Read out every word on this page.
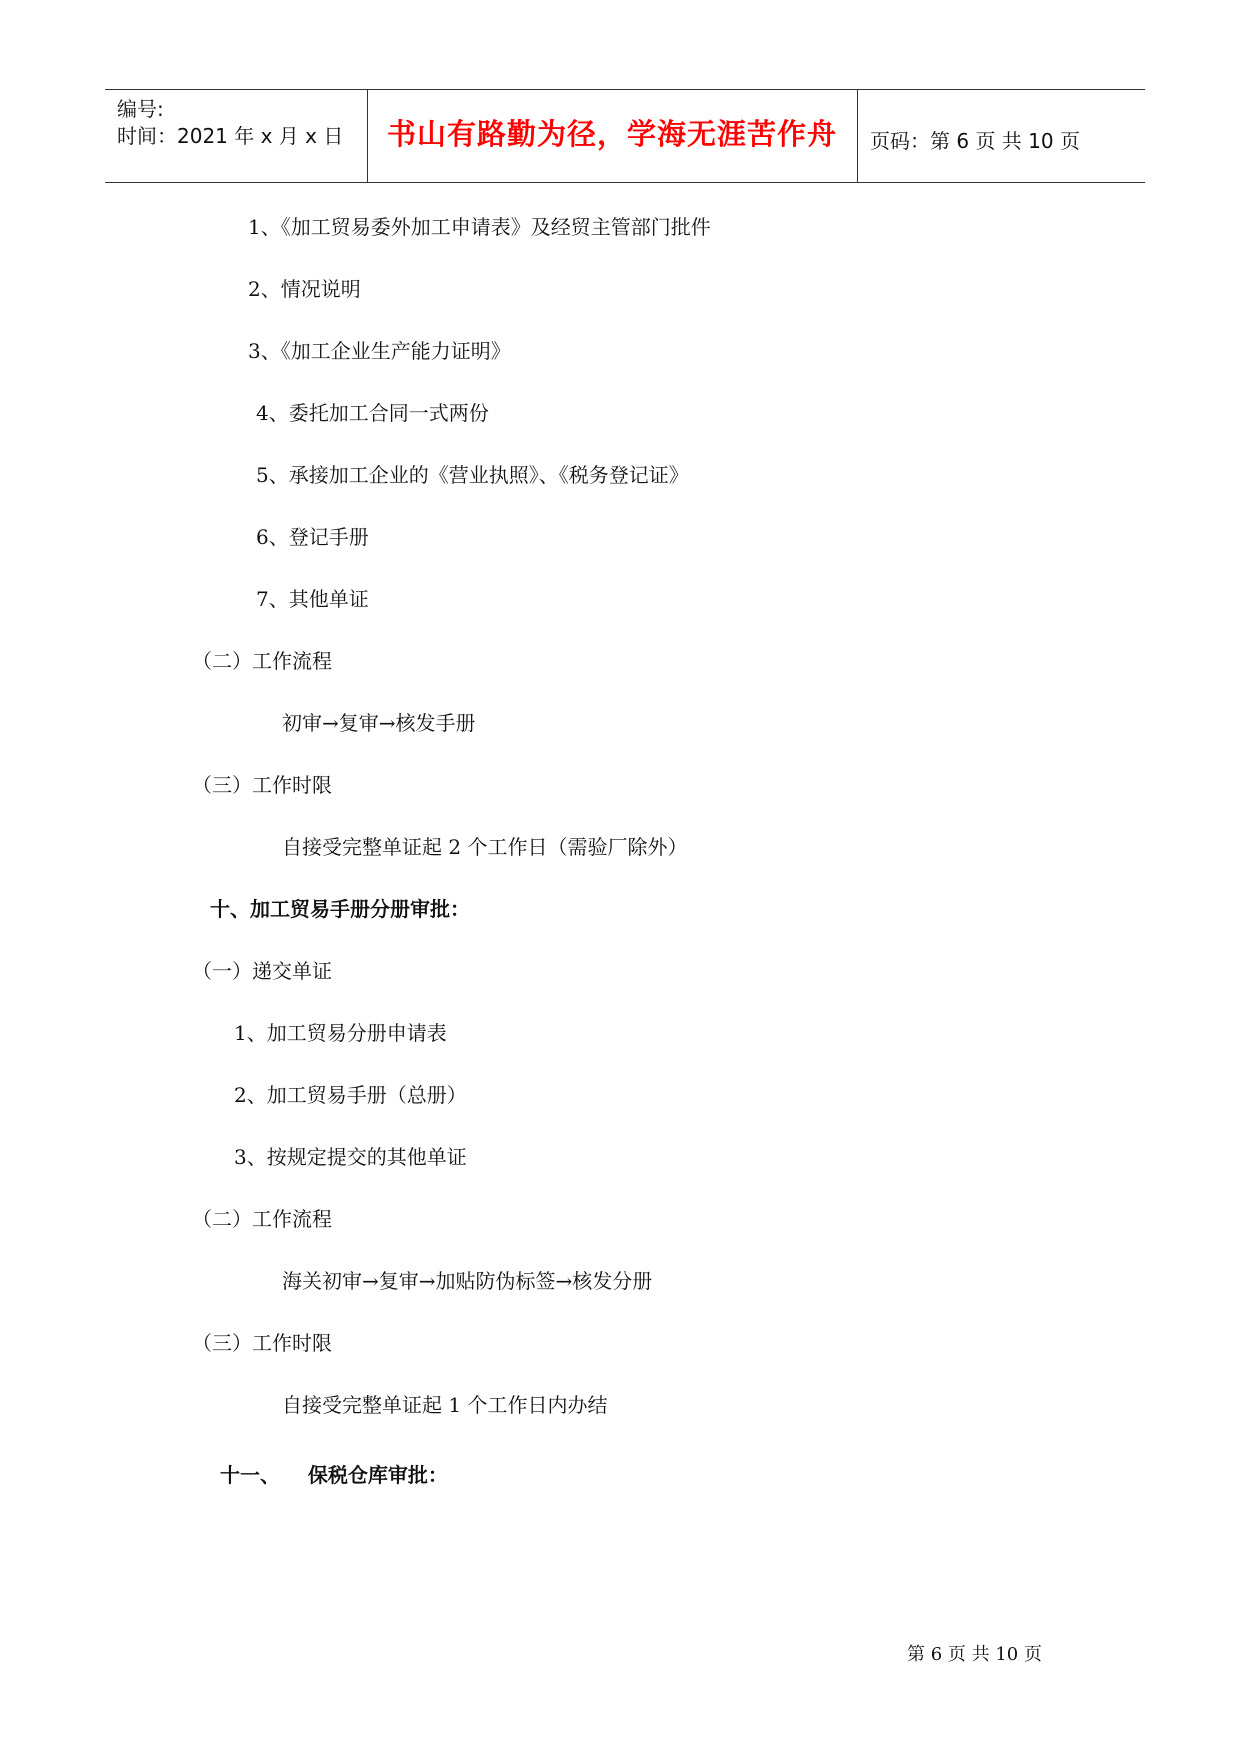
编号:
时间：2021 年 x 月 x 日	书山有路勤为径，学海无涯苦作舟	页码：第 6 页 共 10 页
1、《加工贸易委外加工申请表》及经贸主管部门批件
2、情况说明
3、《加工企业生产能力证明》
4、委托加工合同一式两份
5、承接加工企业的《营业执照》、《税务登记证》
6、登记手册
7、其他单证
（二）工作流程
初审→复审→核发手册
（三）工作时限
自接受完整单证起 2 个工作日（需验厂除外）
十、加工贸易手册分册审批：
（一）递交单证
1、加工贸易分册申请表
2、加工贸易手册（总册）
3、按规定提交的其他单证
（二）工作流程
海关初审→复审→加贴防伪标签→核发分册
（三）工作时限
自接受完整单证起 1 个工作日内办结
十一、    保税仓库审批：
第 6 页 共 10 页
